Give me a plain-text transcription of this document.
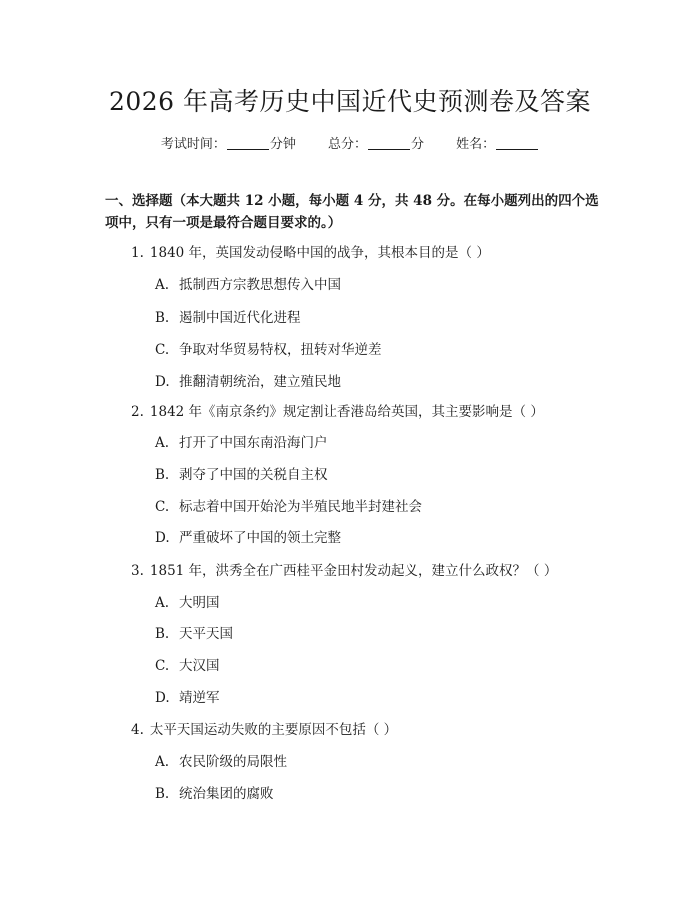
2026 年高考历史中国近代史预测卷及答案
考试时间：	分钟 总分：	分 姓名：
一、选择题（本大题共 12 小题，每小题 4 分，共 48 分。在每小题列出的四个选项中，只有一项是最符合题目要求的。）
1. 1840 年，英国发动侵略中国的战争，其根本目的是（ ）
A. 抵制西方宗教思想传入中国
B. 遏制中国近代化进程
C. 争取对华贸易特权，扭转对华逆差
D. 推翻清朝统治，建立殖民地
2. 1842 年《南京条约》规定割让香港岛给英国，其主要影响是（ ）
A. 打开了中国东南沿海门户
B. 剥夺了中国的关税自主权
C. 标志着中国开始沦为半殖民地半封建社会
D. 严重破坏了中国的领土完整
3. 1851 年，洪秀全在广西桂平金田村发动起义，建立什么政权？（ ）
A. 大明国
B. 天平天国
C. 大汉国
D. 靖逆军
4. 太平天国运动失败的主要原因不包括（ ）
A. 农民阶级的局限性
B. 统治集团的腐败
